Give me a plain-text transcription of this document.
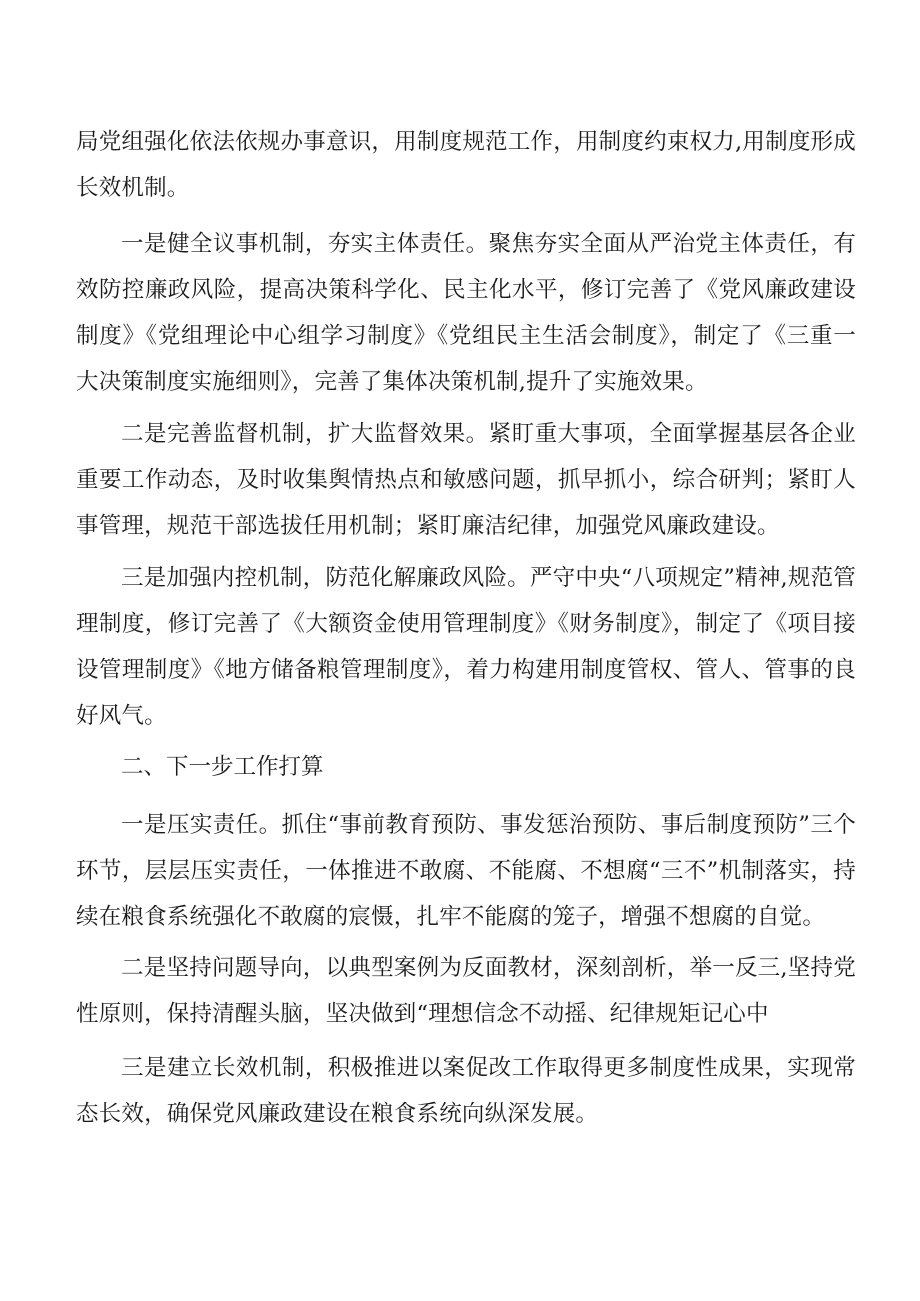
局党组强化依法依规办事意识，用制度规范工作，用制度约束权力,用制度形成长效机制。

一是健全议事机制，夯实主体责任。聚焦夯实全面从严治党主体责任，有效防控廉政风险，提高决策科学化、民主化水平，修订完善了《党风廉政建设制度》《党组理论中心组学习制度》《党组民主生活会制度》，制定了《三重一大决策制度实施细则》，完善了集体决策机制,提升了实施效果。

二是完善监督机制，扩大监督效果。紧盯重大事项，全面掌握基层各企业重要工作动态，及时收集舆情热点和敏感问题，抓早抓小，综合研判；紧盯人事管理，规范干部选拔任用机制；紧盯廉洁纪律，加强党风廉政建设。

三是加强内控机制，防范化解廉政风险。严守中央“八项规定”精神,规范管理制度，修订完善了《大额资金使用管理制度》《财务制度》，制定了《项目接设管理制度》《地方储备粮管理制度》，着力构建用制度管权、管人、管事的良好风气。

二、下一步工作打算

一是压实责任。抓住“事前教育预防、事发惩治预防、事后制度预防”三个环节，层层压实责任，一体推进不敢腐、不能腐、不想腐“三不”机制落实，持续在粮食系统强化不敢腐的宸慑，扎牢不能腐的笼子，增强不想腐的自觉。

二是坚持问题导向，以典型案例为反面教材，深刻剖析，举一反三,坚持党性原则，保持清醒头脑，坚决做到“理想信念不动摇、纪律规矩记心中

三是建立长效机制，积极推进以案促改工作取得更多制度性成果，实现常态长效，确保党风廉政建设在粮食系统向纵深发展。
